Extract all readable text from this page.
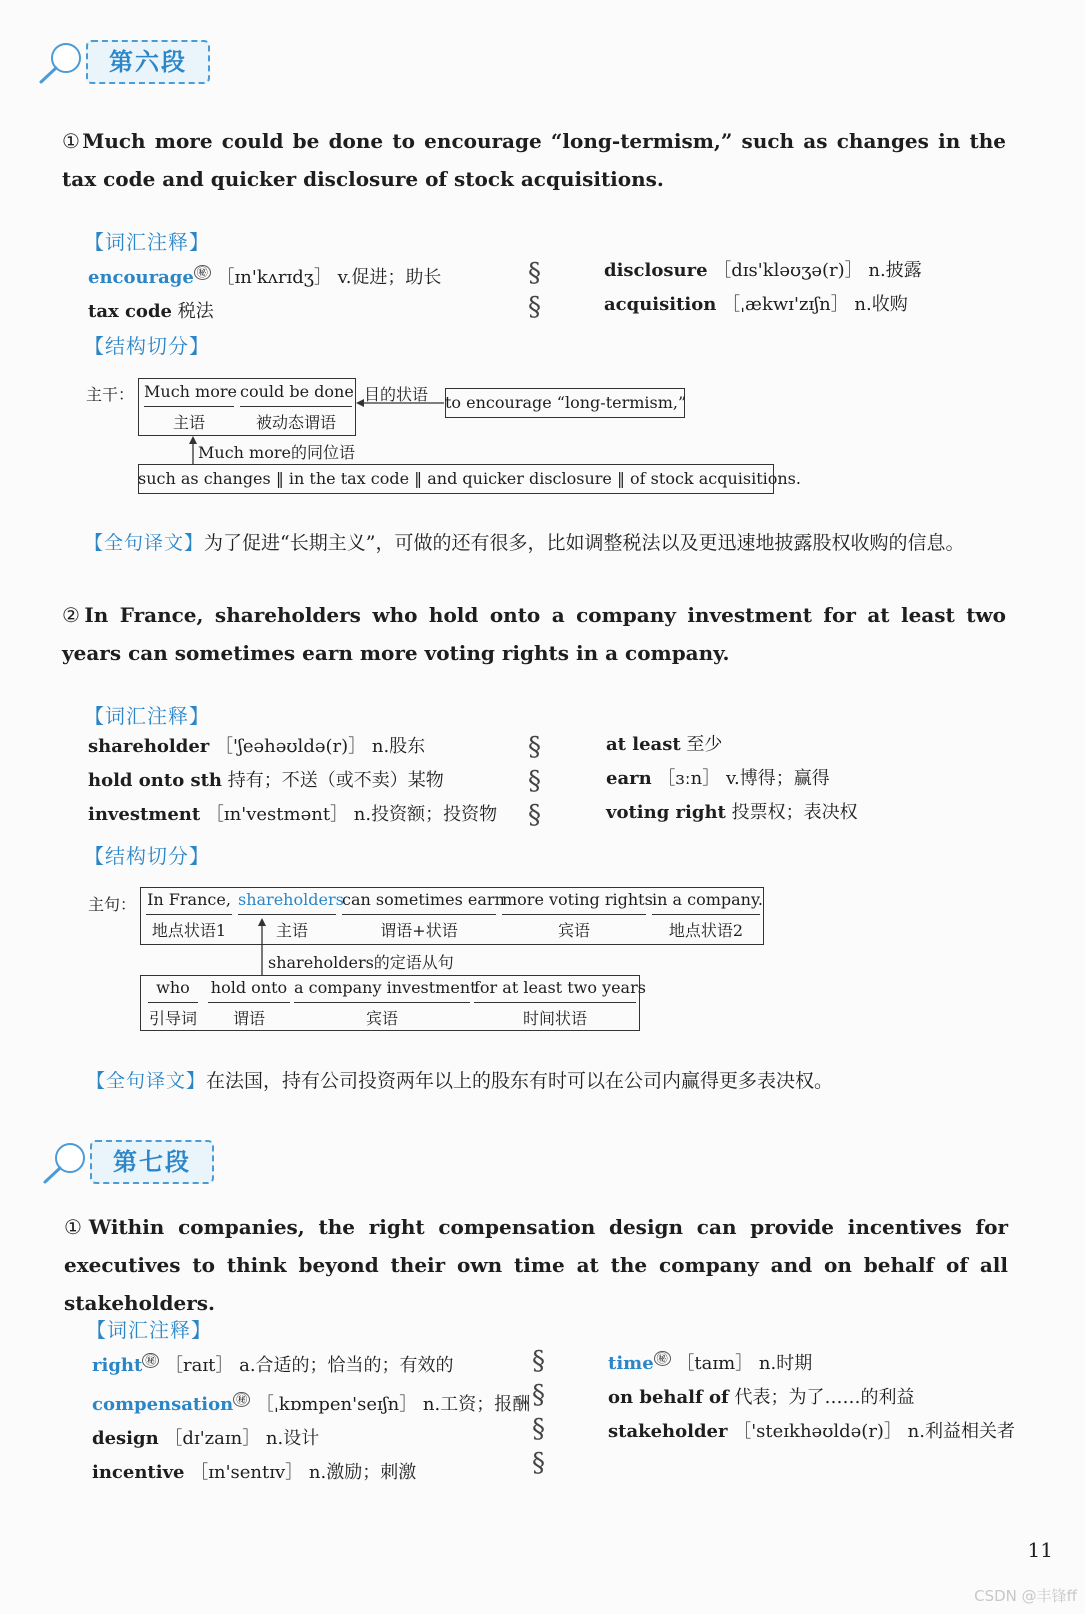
第六段
①Much more could be done to encourage “long-termism,” such as changes in the tax code and quicker disclosure of stock acquisitions.
【词汇注释】
encourage ㊙ ［ɪn'kʌrɪdʒ］ v.促进；助长
tax code 税法
§
§
disclosure ［dɪs'kləʊʒə(r)］ n.披露
acquisition ［ˌækwɪ'zɪʃn］ n.收购
【结构切分】
主干： Much more
主语
could be done
被动态谓语
目的状语 to encourage “long-termism,”
Much more的同位语
such as changes ‖ in the tax code ‖ and quicker disclosure ‖ of stock acquisitions.
【全句译文】为了促进“长期主义”，可做的还有很多，比如调整税法以及更迅速地披露股权收购的信息。
②In France, shareholders who hold onto a company investment for at least two years can sometimes earn more voting rights in a company.
【词汇注释】
shareholder ［'ʃeəhəʊldə(r)］ n.股东
hold onto sth 持有；不送（或不卖）某物
investment ［ɪn'vestmənt］ n.投资额；投资物
§
§
§
at least 至少
earn ［ɜːn］ v.博得；赢得
voting right 投票权；表决权
【结构切分】
主句： In France,
地点状语1
shareholders
主语
can sometimes earn
谓语+状语
more voting rights
宾语
in a company.
地点状语2
shareholders的定语从句
who
引导词
hold onto
谓语
a company investment
宾语
for at least two years
时间状语
【全句译文】在法国，持有公司投资两年以上的股东有时可以在公司内赢得更多表决权。
第七段
①Within companies, the right compensation design can provide incentives for executives to think beyond their own time at the company and on behalf of all stakeholders.
【词汇注释】
right ㊙ ［raɪt］ a.合适的；恰当的；有效的
compensation ㊙ ［ˌkɒmpen'seɪʃn］ n.工资；报酬
design ［dɪ'zaɪn］ n.设计
incentive ［ɪn'sentɪv］ n.激励；刺激
§
§
§
§
time ㊙ ［taɪm］ n.时期
on behalf of 代表；为了……的利益
stakeholder ［'steɪkhəʊldə(r)］ n.利益相关者
11
CSDN @丰锋ff
